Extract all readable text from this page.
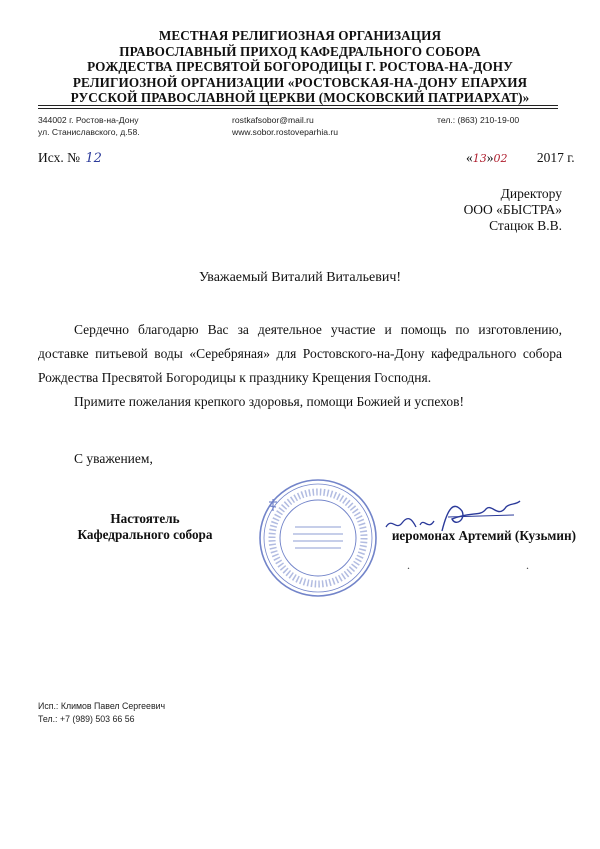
МЕСТНАЯ РЕЛИГИОЗНАЯ ОРГАНИЗАЦИЯ
ПРАВОСЛАВНЫЙ ПРИХОД КАФЕДРАЛЬНОГО СОБОРА
РОЖДЕСТВА ПРЕСВЯТОЙ БОГОРОДИЦЫ Г. РОСТОВА-НА-ДОНУ
РЕЛИГИОЗНОЙ ОРГАНИЗАЦИИ «РОСТОВСКАЯ-НА-ДОНУ ЕПАРХИЯ
РУССКОЙ ПРАВОСЛАВНОЙ ЦЕРКВИ (МОСКОВСКИЙ ПАТРИАРХАТ)»
344002 г. Ростов-на-Дону
ул. Станиславского, д.58.
rostkafsobor@mail.ru
www.sobor.rostoveparhia.ru
тел.: (863) 210-19-00
Исх. № 12	«13»02 2017 г.
Директору
ООО «БЫСТРА»
Стацюк В.В.
Уважаемый Виталий Витальевич!

Сердечно благодарю Вас за деятельное участие и помощь по изготовлению, доставке питьевой воды «Серебряная» для Ростовского-на-Дону кафедрального собора Рождества Пресвятой Богородицы к празднику Крещения Господня.

Примите пожелания крепкого здоровья, помощи Божией и успехов!

С уважением,
Настоятель
Кафедрального собора	иеромонах Артемий (Кузьмин)
.	.
Исп.: Климов Павел Сергеевич
Тел.: +7 (989) 503 66 56
